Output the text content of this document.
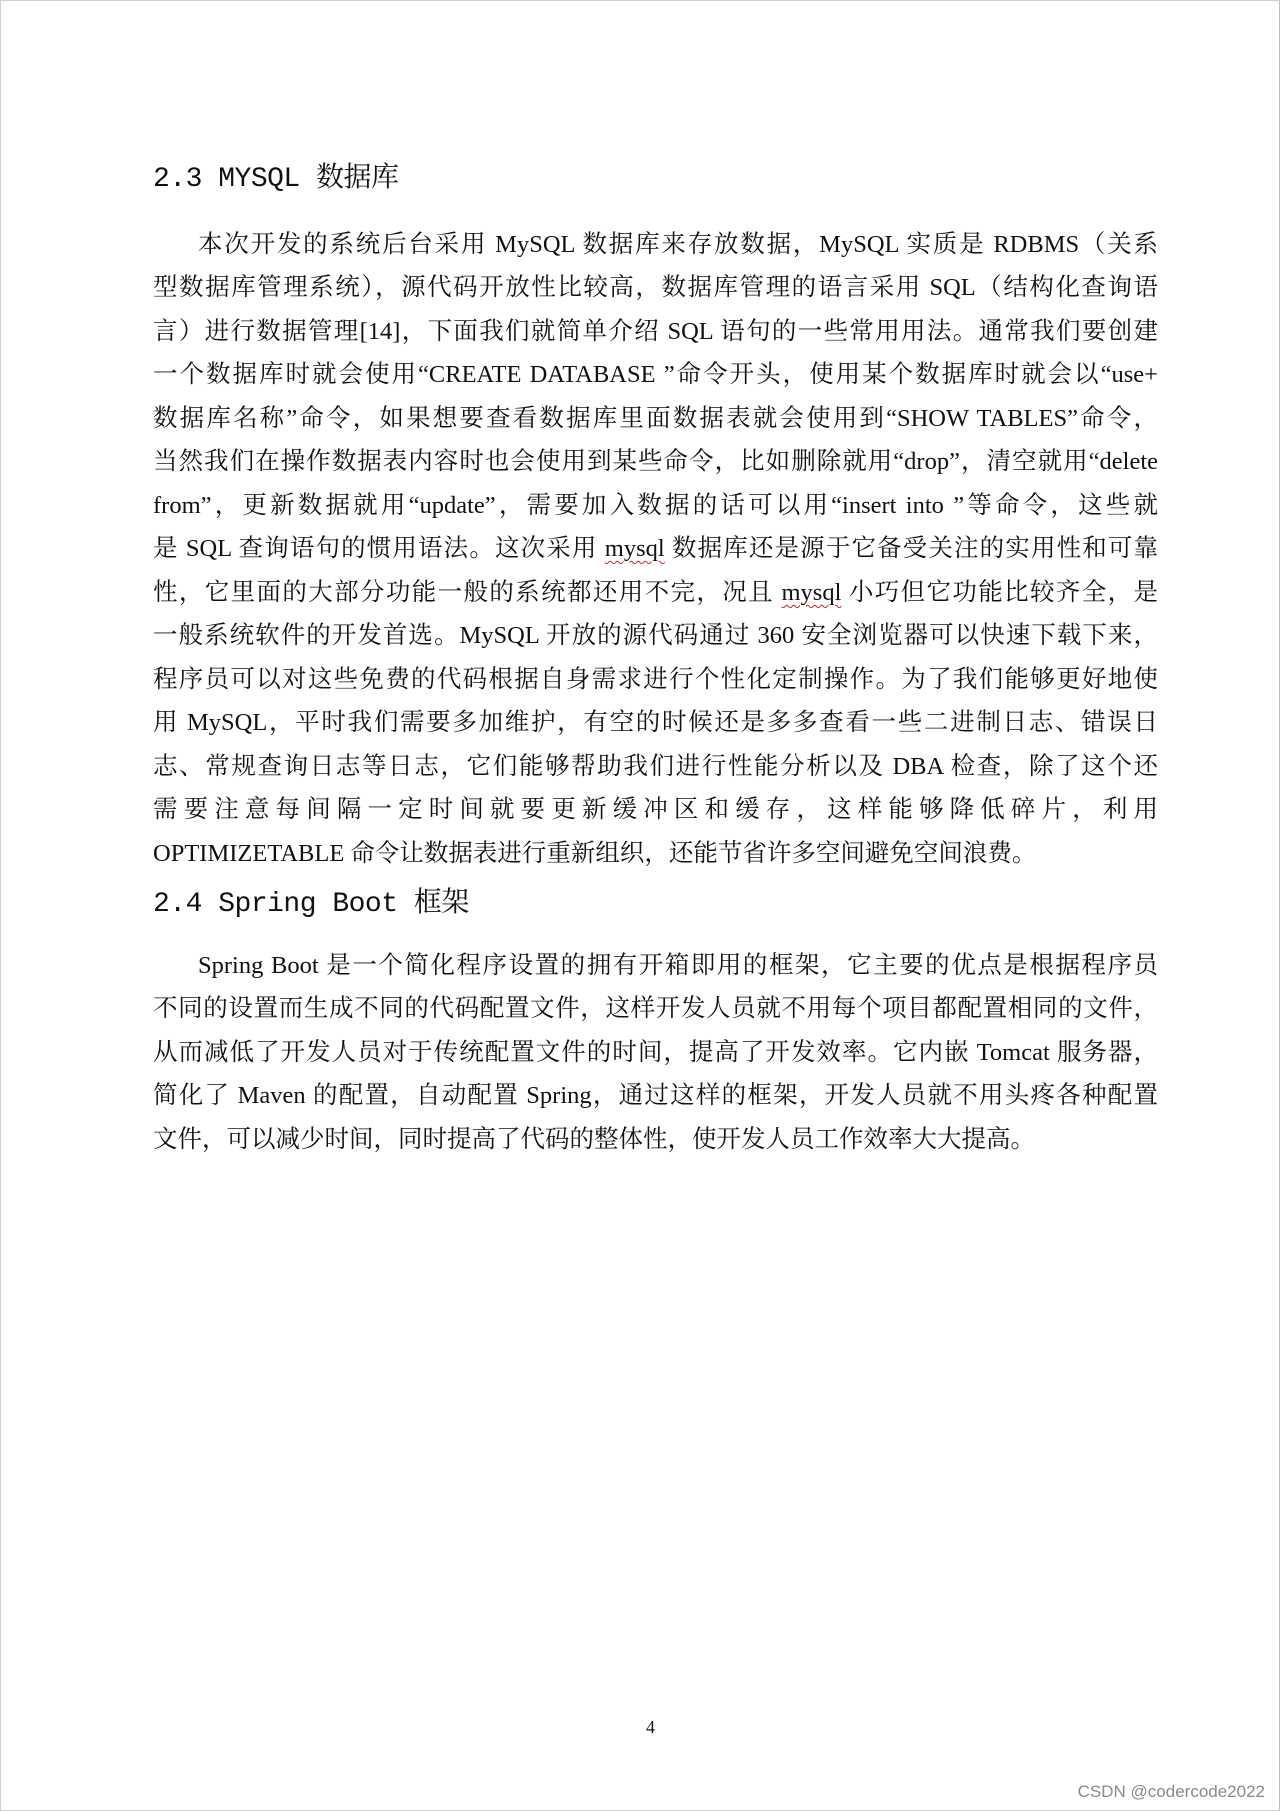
2.3 MYSQL 数据库
本次开发的系统后台采用 MySQL 数据库来存放数据，MySQL 实质是 RDBMS（关系
型数据库管理系统），源代码开放性比较高，数据库管理的语言采用 SQL（结构化查询语
言）进行数据管理[14]，下面我们就简单介绍 SQL 语句的一些常用用法。通常我们要创建
一个数据库时就会使用“CREATE DATABASE ”命令开头，使用某个数据库时就会以“use+
数据库名称”命令，如果想要查看数据库里面数据表就会使用到“SHOW TABLES”命令，
当然我们在操作数据表内容时也会使用到某些命令，比如删除就用“drop”，清空就用“delete
from”，更新数据就用“update”，需要加入数据的话可以用“insert into ”等命令，这些就
是 SQL 查询语句的惯用语法。这次采用 mysql 数据库还是源于它备受关注的实用性和可靠
性，它里面的大部分功能一般的系统都还用不完，况且 mysql 小巧但它功能比较齐全，是
一般系统软件的开发首选。MySQL 开放的源代码通过 360 安全浏览器可以快速下载下来，
程序员可以对这些免费的代码根据自身需求进行个性化定制操作。为了我们能够更好地使
用 MySQL，平时我们需要多加维护，有空的时候还是多多查看一些二进制日志、错误日
志、常规查询日志等日志，它们能够帮助我们进行性能分析以及 DBA 检查，除了这个还
需要注意每间隔一定时间就要更新缓冲区和缓存，这样能够降低碎片，利用
OPTIMIZETABLE 命令让数据表进行重新组织，还能节省许多空间避免空间浪费。
2.4 Spring Boot 框架
Spring Boot 是一个简化程序设置的拥有开箱即用的框架，它主要的优点是根据程序员
不同的设置而生成不同的代码配置文件，这样开发人员就不用每个项目都配置相同的文件，
从而减低了开发人员对于传统配置文件的时间，提高了开发效率。它内嵌 Tomcat 服务器，
简化了 Maven 的配置，自动配置 Spring，通过这样的框架，开发人员就不用头疼各种配置
文件，可以减少时间，同时提高了代码的整体性，使开发人员工作效率大大提高。
4
CSDN @codercode2022
